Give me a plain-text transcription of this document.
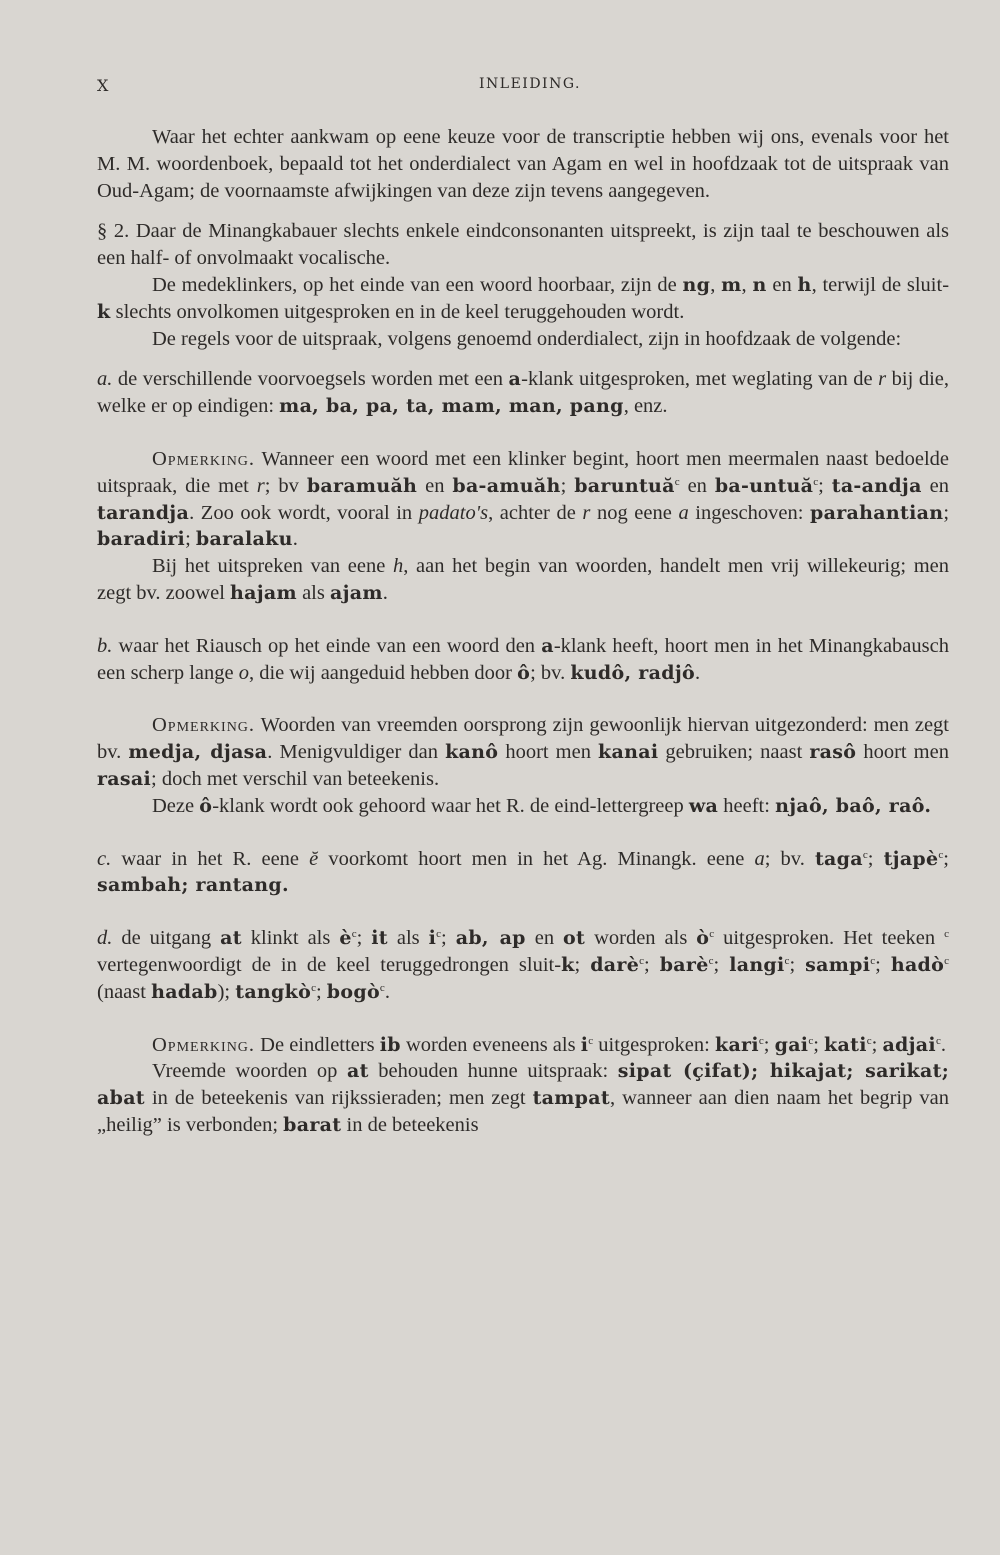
X	INLEIDING.

Waar het echter aankwam op eene keuze voor de transcriptie hebben wij ons, evenals voor het M. M. woordenboek, bepaald tot het onderdialect van Agam en wel in hoofdzaak tot de uitspraak van Oud-Agam; de voornaamste afwijkingen van deze zijn tevens aangegeven.

§ 2. Daar de Minangkabauer slechts enkele eindconsonanten uitspreekt, is zijn taal te beschouwen als een half- of onvolmaakt vocalische.

De medeklinkers, op het einde van een woord hoorbaar, zijn de ng, m, n en h, terwijl de sluit-k slechts onvolkomen uitgesproken en in de keel teruggehouden wordt.

De regels voor de uitspraak, volgens genoemd onderdialect, zijn in hoofdzaak de volgende:

a. de verschillende voorvoegsels worden met een a-klank uitgesproken, met weglating van de r bij die, welke er op eindigen: ma, ba, pa, ta, mam, man, pang, enz.

Opmerking. Wanneer een woord met een klinker begint, hoort men meermalen naast bedoelde uitspraak, die met r; bv baramuăh en ba-amuăh; baruntuă$^c$ en ba-untuă$^c$; ta-andja en tarandja. Zoo ook wordt, vooral in padato's, achter de r nog eene a ingeschoven: parahantian; baradiri; baralaku.

Bij het uitspreken van eene h, aan het begin van woorden, handelt men vrij willekeurig; men zegt bv. zoowel hajam als ajam.

b. waar het Riausch op het einde van een woord den a-klank heeft, hoort men in het Minangkabausch een scherp lange o, die wij aangeduid hebben door ô; bv. kudô, radjô.

Opmerking. Woorden van vreemden oorsprong zijn gewoonlijk hiervan uitgezonderd: men zegt bv. medja, djasa. Menigvuldiger dan kanô hoort men kanai gebruiken; naast rasô hoort men rasai; doch met verschil van beteekenis.

Deze ô-klank wordt ook gehoord waar het R. de eind-lettergreep wa heeft: njaô, baô, raô.

c. waar in het R. eene ĕ voorkomt hoort men in het Ag. Minangk. eene a; bv. taga$^c$; tjapè$^c$; sambah; rantang.

d. de uitgang at klinkt als $è^c$; it als $i^c$; ab, ap en ot worden als $ò^c$ uitgesproken. Het teeken $^c$ vertegenwoordigt de in de keel teruggedrongen sluit-k; darè$^c$; barè$^c$; langi$^c$; sampi$^c$; hadò$^c$ (naast hadab); tangkò$^c$; bogò$^c$.

Opmerking. De eindletters ib worden eveneens als $i^c$ uitgesproken: kari$^c$; gai$^c$; kati$^c$; adjai$^c$.

Vreemde woorden op at behouden hunne uitspraak: sipat (çifat); hikajat; sarikat; abat in de beteekenis van rijkssieraden; men zegt tampat, wanneer aan dien naam het begrip van „heilig” is verbonden; barat in de beteekenis
